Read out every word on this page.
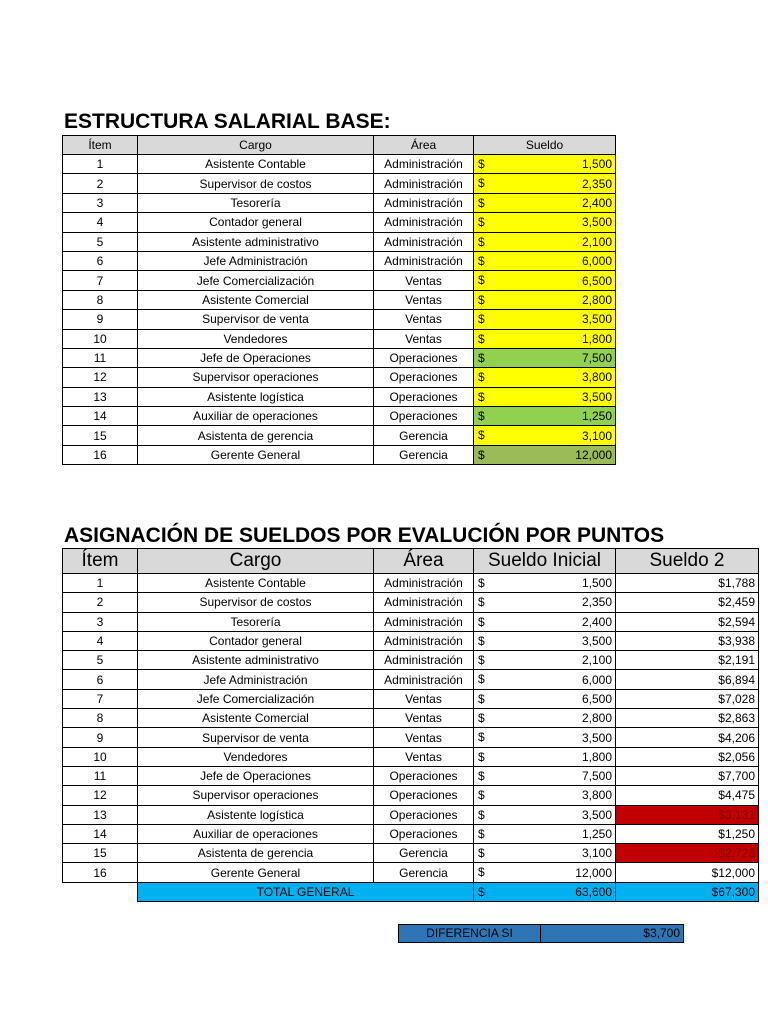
ESTRUCTURA SALARIAL BASE:
Ítem	Cargo	Área	Sueldo
1	Asistente Contable	Administración	$ 1,500

2	Supervisor de costos	Administración	$ 2,350

3	Tesorería	Administración	$ 2,400

4	Contador general	Administración	$ 3,500

5	Asistente administrativo	Administración	$ 2,100

6	Jefe Administración	Administración	$ 6,000

7	Jefe Comercialización	Ventas	$ 6,500

8	Asistente Comercial	Ventas	$ 2,800

9	Supervisor de venta	Ventas	$ 3,500

10	Vendedores	Ventas	$ 1,800

11	Jefe de Operaciones	Operaciones	$ 7,500

12	Supervisor operaciones	Operaciones	$ 3,800

13	Asistente logística	Operaciones	$ 3,500

14	Auxiliar de operaciones	Operaciones	$ 1,250

15	Asistenta de gerencia	Gerencia	$ 3,100

16	Gerente General	Gerencia	$ 12,000
ASIGNACIÓN DE SUELDOS POR EVALUCIÓN POR PUNTOS
Ítem	Cargo	Área	Sueldo Inicial	Sueldo 2
1	Asistente Contable	Administración	$ 1,500	$1,788
2	Supervisor de costos	Administración	$ 2,350	$2,459
3	Tesorería	Administración	$ 2,400	$2,594
4	Contador general	Administración	$ 3,500	$3,938
5	Asistente administrativo	Administración	$ 2,100	$2,191
6	Jefe Administración	Administración	$ 6,000	$6,894
7	Jefe Comercialización	Ventas	$ 6,500	$7,028
8	Asistente Comercial	Ventas	$ 2,800	$2,863
9	Supervisor de venta	Ventas	$ 3,500	$4,206
10	Vendedores	Ventas	$ 1,800	$2,056
11	Jefe de Operaciones	Operaciones	$ 7,500	$7,700
12	Supervisor operaciones	Operaciones	$ 3,800	$4,475
13	Asistente logística	Operaciones	$ 3,500	$3,131
14	Auxiliar de operaciones	Operaciones	$ 1,250	$1,250
15	Asistenta de gerencia	Gerencia	$ 3,100	$2,728
16	Gerente General	Gerencia	$ 12,000	$12,000
	TOTAL GENERAL		$ 63,600	$67,300
DIFERENCIA SI	$3,700
